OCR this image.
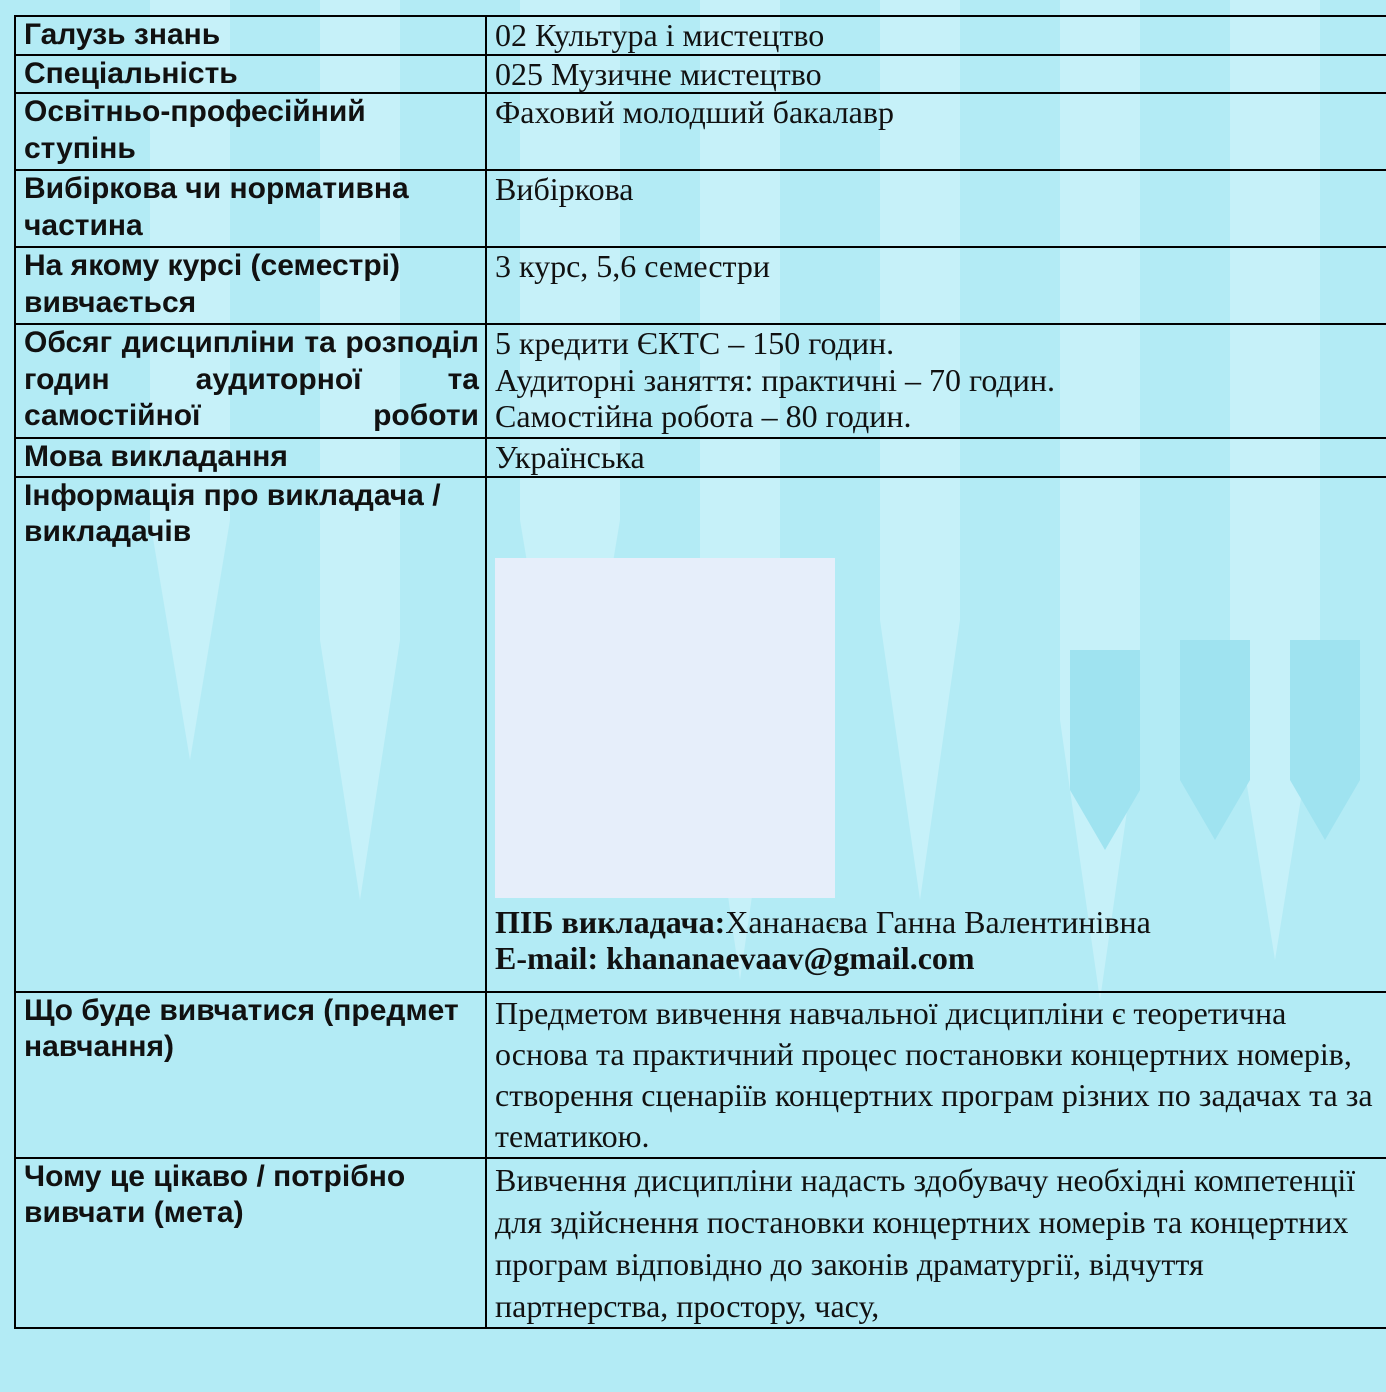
Галузь знань	02 Культура і мистецтво
Спеціальність	025 Музичне мистецтво
Освітньо-професійний ступінь	Фаховий молодший бакалавр
Вибіркова чи нормативна частина	Вибіркова
На якому курсі (семестрі) вивчається	3 курс, 5,6 семестри
Обсяг дисципліни та розподіл годин аудиторної та самостійної роботи	5 кредити ЄКТС – 150 годин.
Аудиторні заняття: практичні – 70 годин.
Самостійна робота – 80 годин.

Мова викладання	Українська
Інформація про викладача / викладачів	ПІБ викладача:Хананаєва Ганна Валентинівна
E-mail: khananaevaav@gmail.com

Що буде вивчатися (предмет навчання)	Предметом вивчення навчальної дисципліни є теоретична основа та практичний процес постановки концертних номерів, створення сценаріїв концертних програм різних по задачах та за тематикою.
Чому це цікаво / потрібно вивчати (мета)	Вивчення дисципліни надасть здобувачу необхідні компетенції для здійснення постановки концертних номерів та концертних програм відповідно до законів драматургії, відчуття партнерства, простору, часу,
